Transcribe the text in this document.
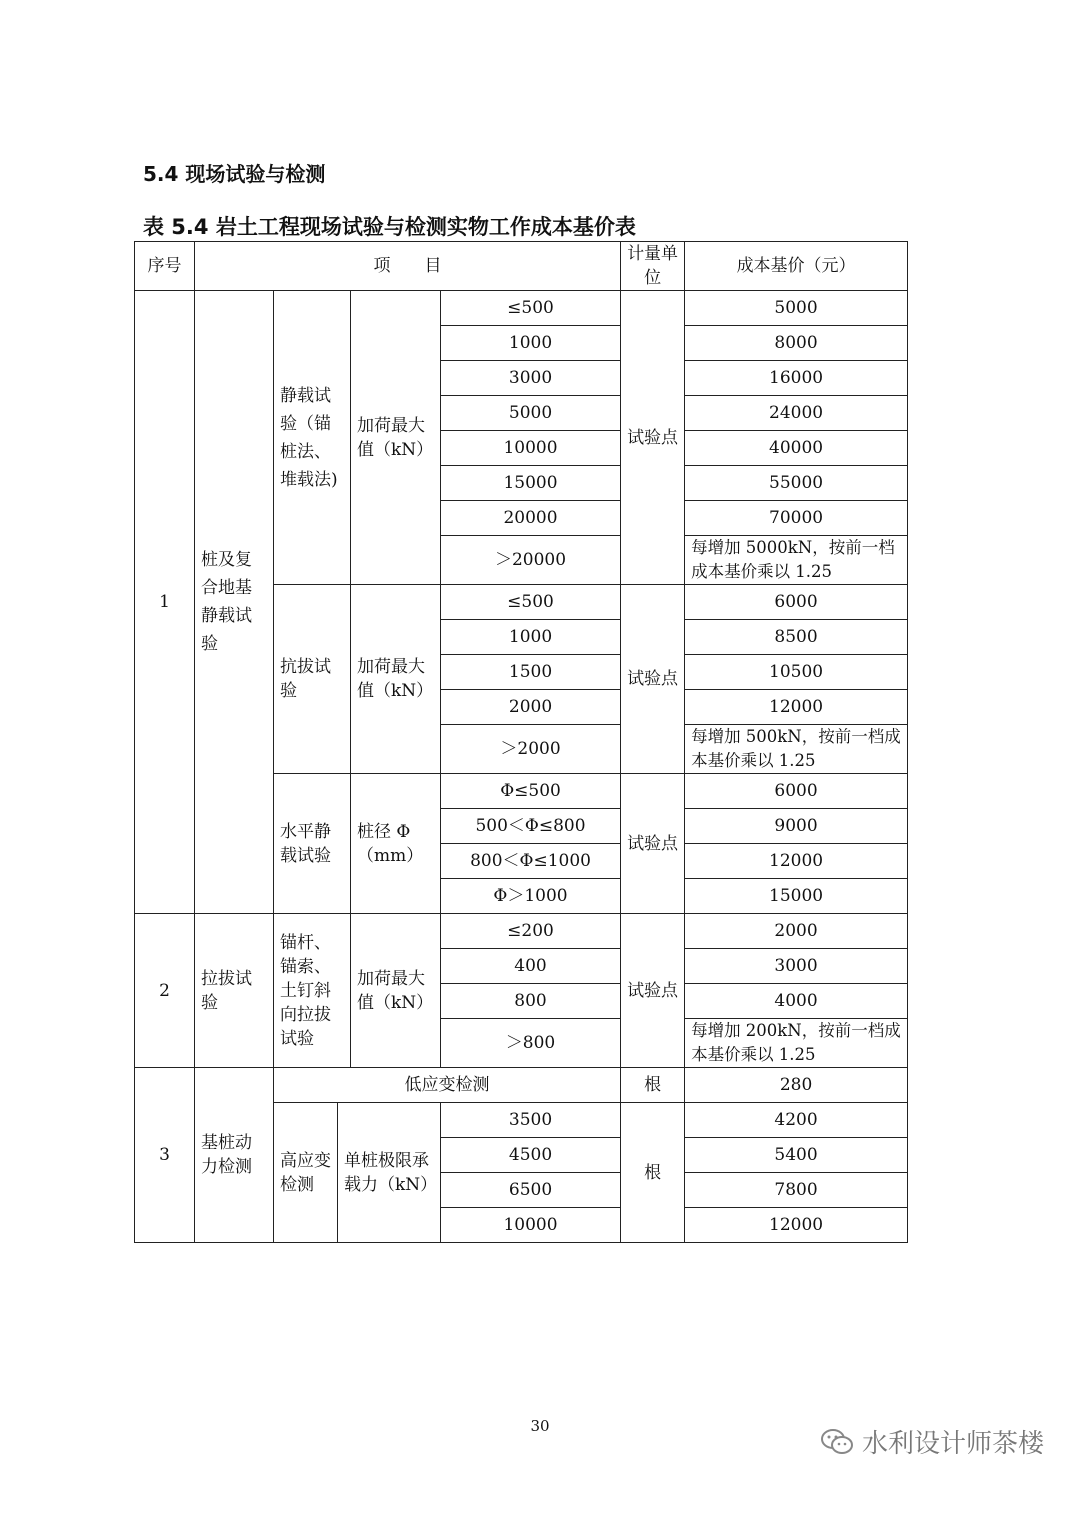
5.4 现场试验与检测
表 5.4 岩土工程现场试验与检测实物工作成本基价表
序号	项　　目					计量单位	成本基价（元）
1	桩及复合地基静载试验	静载试验（锚桩法、堆载法)		加荷最大值（kN）	≤500	试验点	5000
					1000		8000
					3000		16000
					5000		24000
					10000		40000
					15000		55000
					20000		70000
					＞20000		每增加 5000kN，按前一档成本基价乘以 1.25
		抗拔试验		加荷最大值（kN）	≤500	试验点	6000
					1000		8500
					1500		10500
					2000		12000
					＞2000		每增加 500kN，按前一档成本基价乘以 1.25
		水平静载试验		桩径 Φ（mm）	Φ≤500	试验点	6000
					500＜Φ≤800		9000
					800＜Φ≤1000		12000
					Φ＞1000		15000
2	拉拔试验	锚杆、锚索、土钉斜向拉拔试验		加荷最大值（kN）	≤200	试验点	2000
					400		3000
					800		4000
					＞800		每增加 200kN，按前一档成本基价乘以 1.25
3	基桩动力检测	低应变检测				根	280
		高应变检测	单桩极限承载力（kN）		3500	根	4200
					4500		5400
					6500		7800
					10000		12000
30
水利设计师茶楼
